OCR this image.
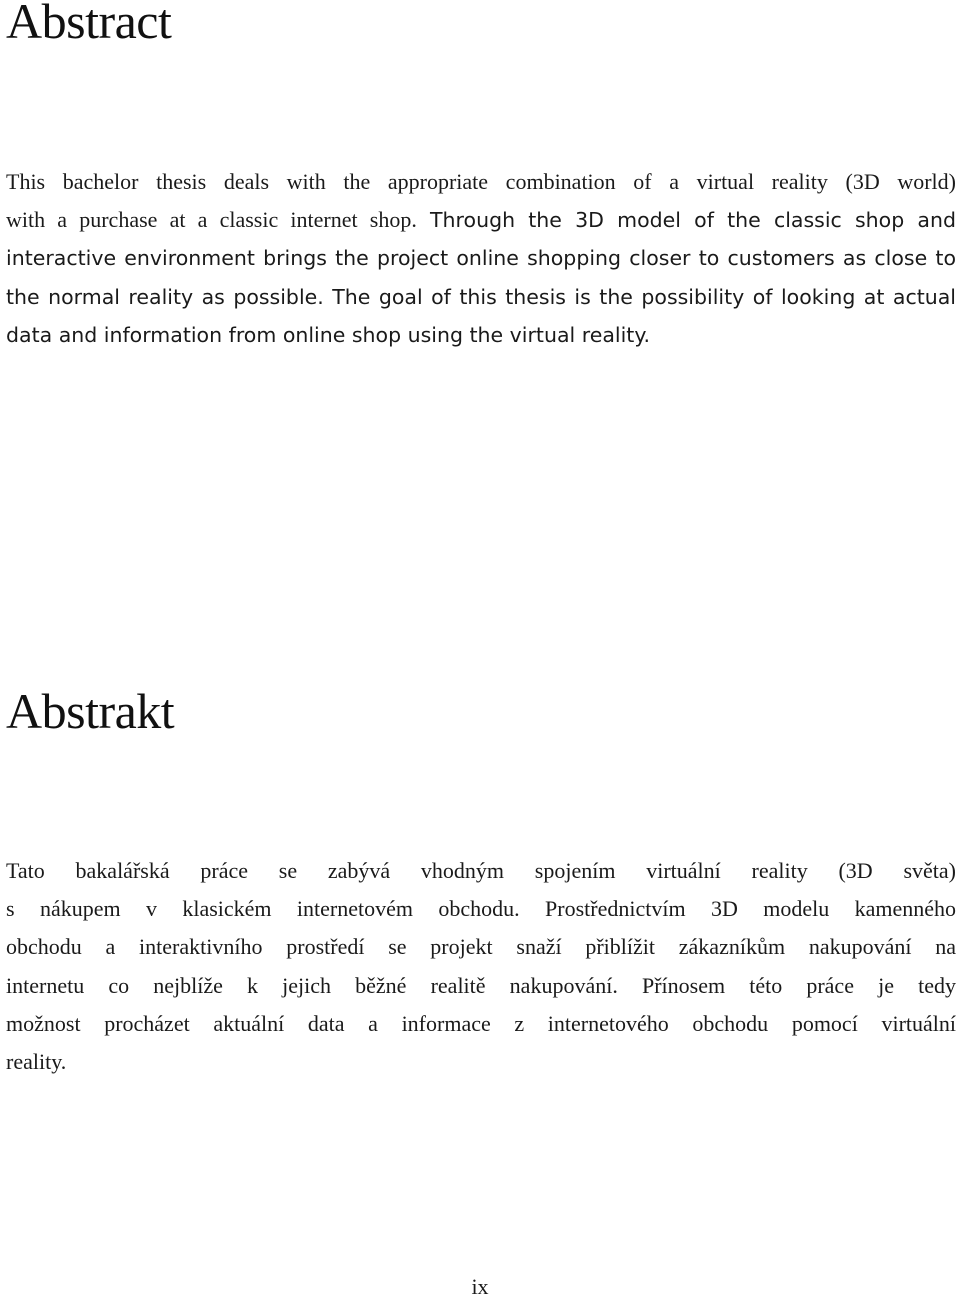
Abstract
This bachelor thesis deals with the appropriate combination of a virtual reality (3D world)
with a purchase at a classic internet shop. Through the 3D model of the classic shop and
interactive environment brings the project online shopping closer to customers as close to
the normal reality as possible. The goal of this thesis is the possibility of looking at actual
data and information from online shop using the virtual reality.
Abstrakt
Tato bakalářská práce se zabývá vhodným spojením virtuální reality (3D světa)
s nákupem v klasickém internetovém obchodu. Prostřednictvím 3D modelu kamenného
obchodu a interaktivního prostředí se projekt snaží přiblížit zákazníkům nakupování na
internetu co nejblíže k jejich běžné realitě nakupování. Přínosem této práce je tedy
možnost procházet aktuální data a informace z internetového obchodu pomocí virtuální
reality.
ix
